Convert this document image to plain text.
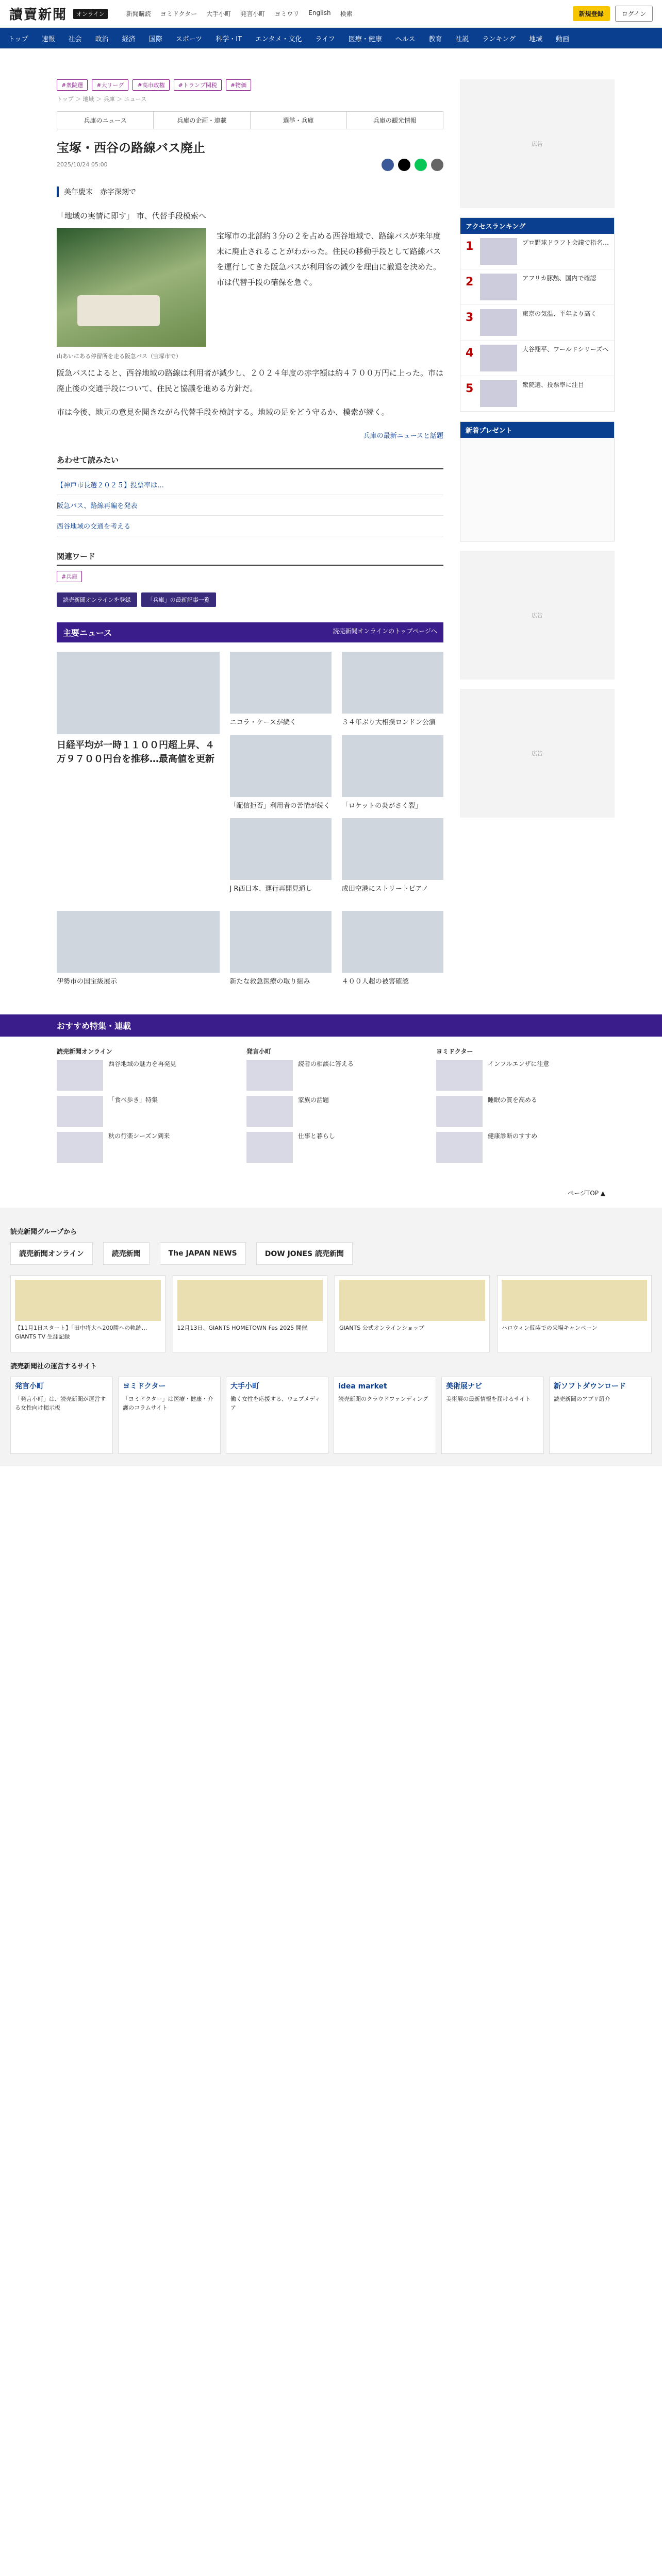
讀賣新聞	オンライン	新聞購読 ヨミドクター 大手小町 発言小町 ヨミウリ English 検索	新規登録	ログイン
トップ 速報 社会 政治 経済 国際 スポーツ 科学・IT エンタメ・文化 ライフ 医療・健康 ヘルス 教育 社説 ランキング 地域 動画
#衆院選	#大リーグ	#高市政権	#トランプ関税	#物価
トップ ＞ 地域 ＞ 兵庫 ＞ ニュース
兵庫のニュース	兵庫の企画・連載	選挙・兵庫	兵庫の観光情報
宝塚・西谷の路線バス廃止
2025/10/24 05:00
美年慶末　赤字深刻で
「地域の実情に即す」 市、代替手段模索へ

宝塚市の北部約３分の２を占める西谷地域で、路線バスが来年度末に廃止されることがわかった。住民の移動手段として路線バスを運行してきた阪急バスが利用客の減少を理由に撤退を決めた。市は代替手段の確保を急ぐ。

山あいにある停留所を走る阪急バス（宝塚市で）

阪急バスによると、西谷地域の路線は利用者が減少し、２０２４年度の赤字額は約４７００万円に上った。市は廃止後の交通手段について、住民と協議を進める方針だ。

市は今後、地元の意見を聞きながら代替手段を検討する。地域の足をどう守るか、模索が続く。

兵庫の最新ニュースと話題
あわせて読みたい
【神戸市長選２０２５】投票率は…
阪急バス、路線再編を発表
西谷地域の交通を考える
関連ワード
#兵庫
読売新聞オンラインを登録	「兵庫」の最新記事一覧
主要ニュース	読売新聞オンラインのトップページへ
日経平均が一時１１００円超上昇、４万９７００円台を推移…最高値を更新
ニコラ・ケースが続く
「配信拒否」利用者の苦情が続く
J R西日本、運行再開見通し
３４年ぶり大相撲ロンドン公演
「ロケットの炎がさく裂」
成田空港にストリートピアノ
伊勢市の国宝級展示	新たな救急医療の取り組み	４００人超の被害確認
広告
アクセスランキング
1	プロ野球ドラフト会議で指名…
2	アフリカ豚熱、国内で確認
3	東京の気温、平年より高く
4	大谷翔平、ワールドシリーズへ
5	衆院選、投票率に注目
新着プレゼント
広告
広告
おすすめ特集・連載
読売新聞オンライン
西谷地域の魅力を再発見
「食べ歩き」特集
秋の行楽シーズン到来
発言小町
読者の相談に答える
家族の話題
仕事と暮らし
ヨミドクター
インフルエンザに注意
睡眠の質を高める
健康診断のすすめ
ページTOP ▲
読売新聞グループから
読売新聞オンライン	読売新聞	The JAPAN NEWS	DOW JONES 読売新聞
【11月1日スタート】「田中将大へ200勝への軌跡…GIANTS TV 生涯記録
12月13日、GIANTS HOMETOWN Fes 2025 開催	GIANTS 公式オンラインショップ	ハロウィン仮装での来場キャンペーン
読売新聞社の運営するサイト
発言小町
「発言小町」は、読売新聞が運営する女性向け掲示板
ヨミドクター
「ヨミドクター」は医療・健康・介護のコラムサイト
大手小町
働く女性を応援する、ウェブメディア
idea market
読売新聞のクラウドファンディング
美術展ナビ
美術展の最新情報を届けるサイト
新ソフトダウンロード
読売新聞のアプリ紹介
